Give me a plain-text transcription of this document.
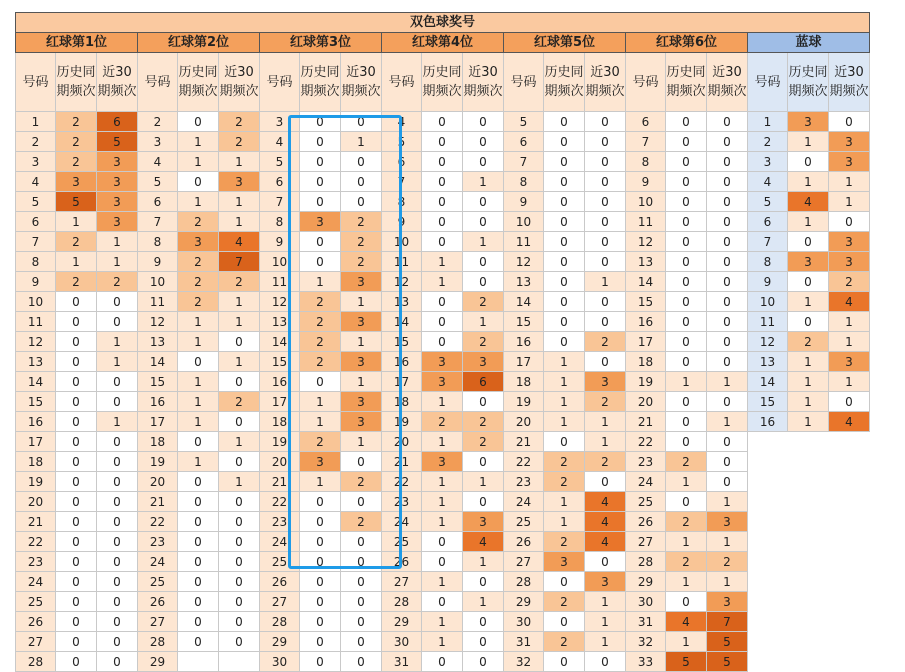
双色球奖号																				
红球第1位			红球第2位			红球第3位			红球第4位			红球第5位			红球第6位			蓝球		
号码	历史同期频次	近30期频次	号码	历史同期频次	近30期频次	号码	历史同期频次	近30期频次	号码	历史同期频次	近30期频次	号码	历史同期频次	近30期频次	号码	历史同期频次	近30期频次	号码	历史同期频次	近30期频次
1	2	6	2	0	2	3	0	0	4	0	0	5	0	0	6	0	0	1	3	0
2	2	5	3	1	2	4	0	1	5	0	0	6	0	0	7	0	0	2	1	3
3	2	3	4	1	1	5	0	0	6	0	0	7	0	0	8	0	0	3	0	3
4	3	3	5	0	3	6	0	0	7	0	1	8	0	0	9	0	0	4	1	1
5	5	3	6	1	1	7	0	0	8	0	0	9	0	0	10	0	0	5	4	1
6	1	3	7	2	1	8	3	2	9	0	0	10	0	0	11	0	0	6	1	0
7	2	1	8	3	4	9	0	2	10	0	1	11	0	0	12	0	0	7	0	3
8	1	1	9	2	7	10	0	2	11	1	0	12	0	0	13	0	0	8	3	3
9	2	2	10	2	2	11	1	3	12	1	0	13	0	1	14	0	0	9	0	2
10	0	0	11	2	1	12	2	1	13	0	2	14	0	0	15	0	0	10	1	4
11	0	0	12	1	1	13	2	3	14	0	1	15	0	0	16	0	0	11	0	1
12	0	1	13	1	0	14	2	1	15	0	2	16	0	2	17	0	0	12	2	1
13	0	1	14	0	1	15	2	3	16	3	3	17	1	0	18	0	0	13	1	3
14	0	0	15	1	0	16	0	1	17	3	6	18	1	3	19	1	1	14	1	1
15	0	0	16	1	2	17	1	3	18	1	0	19	1	2	20	0	0	15	1	0
16	0	1	17	1	0	18	1	3	19	2	2	20	1	1	21	0	1	16	1	4
17	0	0	18	0	1	19	2	1	20	1	2	21	0	1	22	0	0			
18	0	0	19	1	0	20	3	0	21	3	0	22	2	2	23	2	0			
19	0	0	20	0	1	21	1	2	22	1	1	23	2	0	24	1	0			
20	0	0	21	0	0	22	0	0	23	1	0	24	1	4	25	0	1			
21	0	0	22	0	0	23	0	2	24	1	3	25	1	4	26	2	3			
22	0	0	23	0	0	24	0	0	25	0	4	26	2	4	27	1	1			
23	0	0	24	0	0	25	0	0	26	0	1	27	3	0	28	2	2			
24	0	0	25	0	0	26	0	0	27	1	0	28	0	3	29	1	1			
25	0	0	26	0	0	27	0	0	28	0	1	29	2	1	30	0	3			
26	0	0	27	0	0	28	0	0	29	1	0	30	0	1	31	4	7			
27	0	0	28	0	0	29	0	0	30	1	0	31	2	1	32	1	5			
28	0	0	29			30	0	0	31	0	0	32	0	0	33	5	5			
